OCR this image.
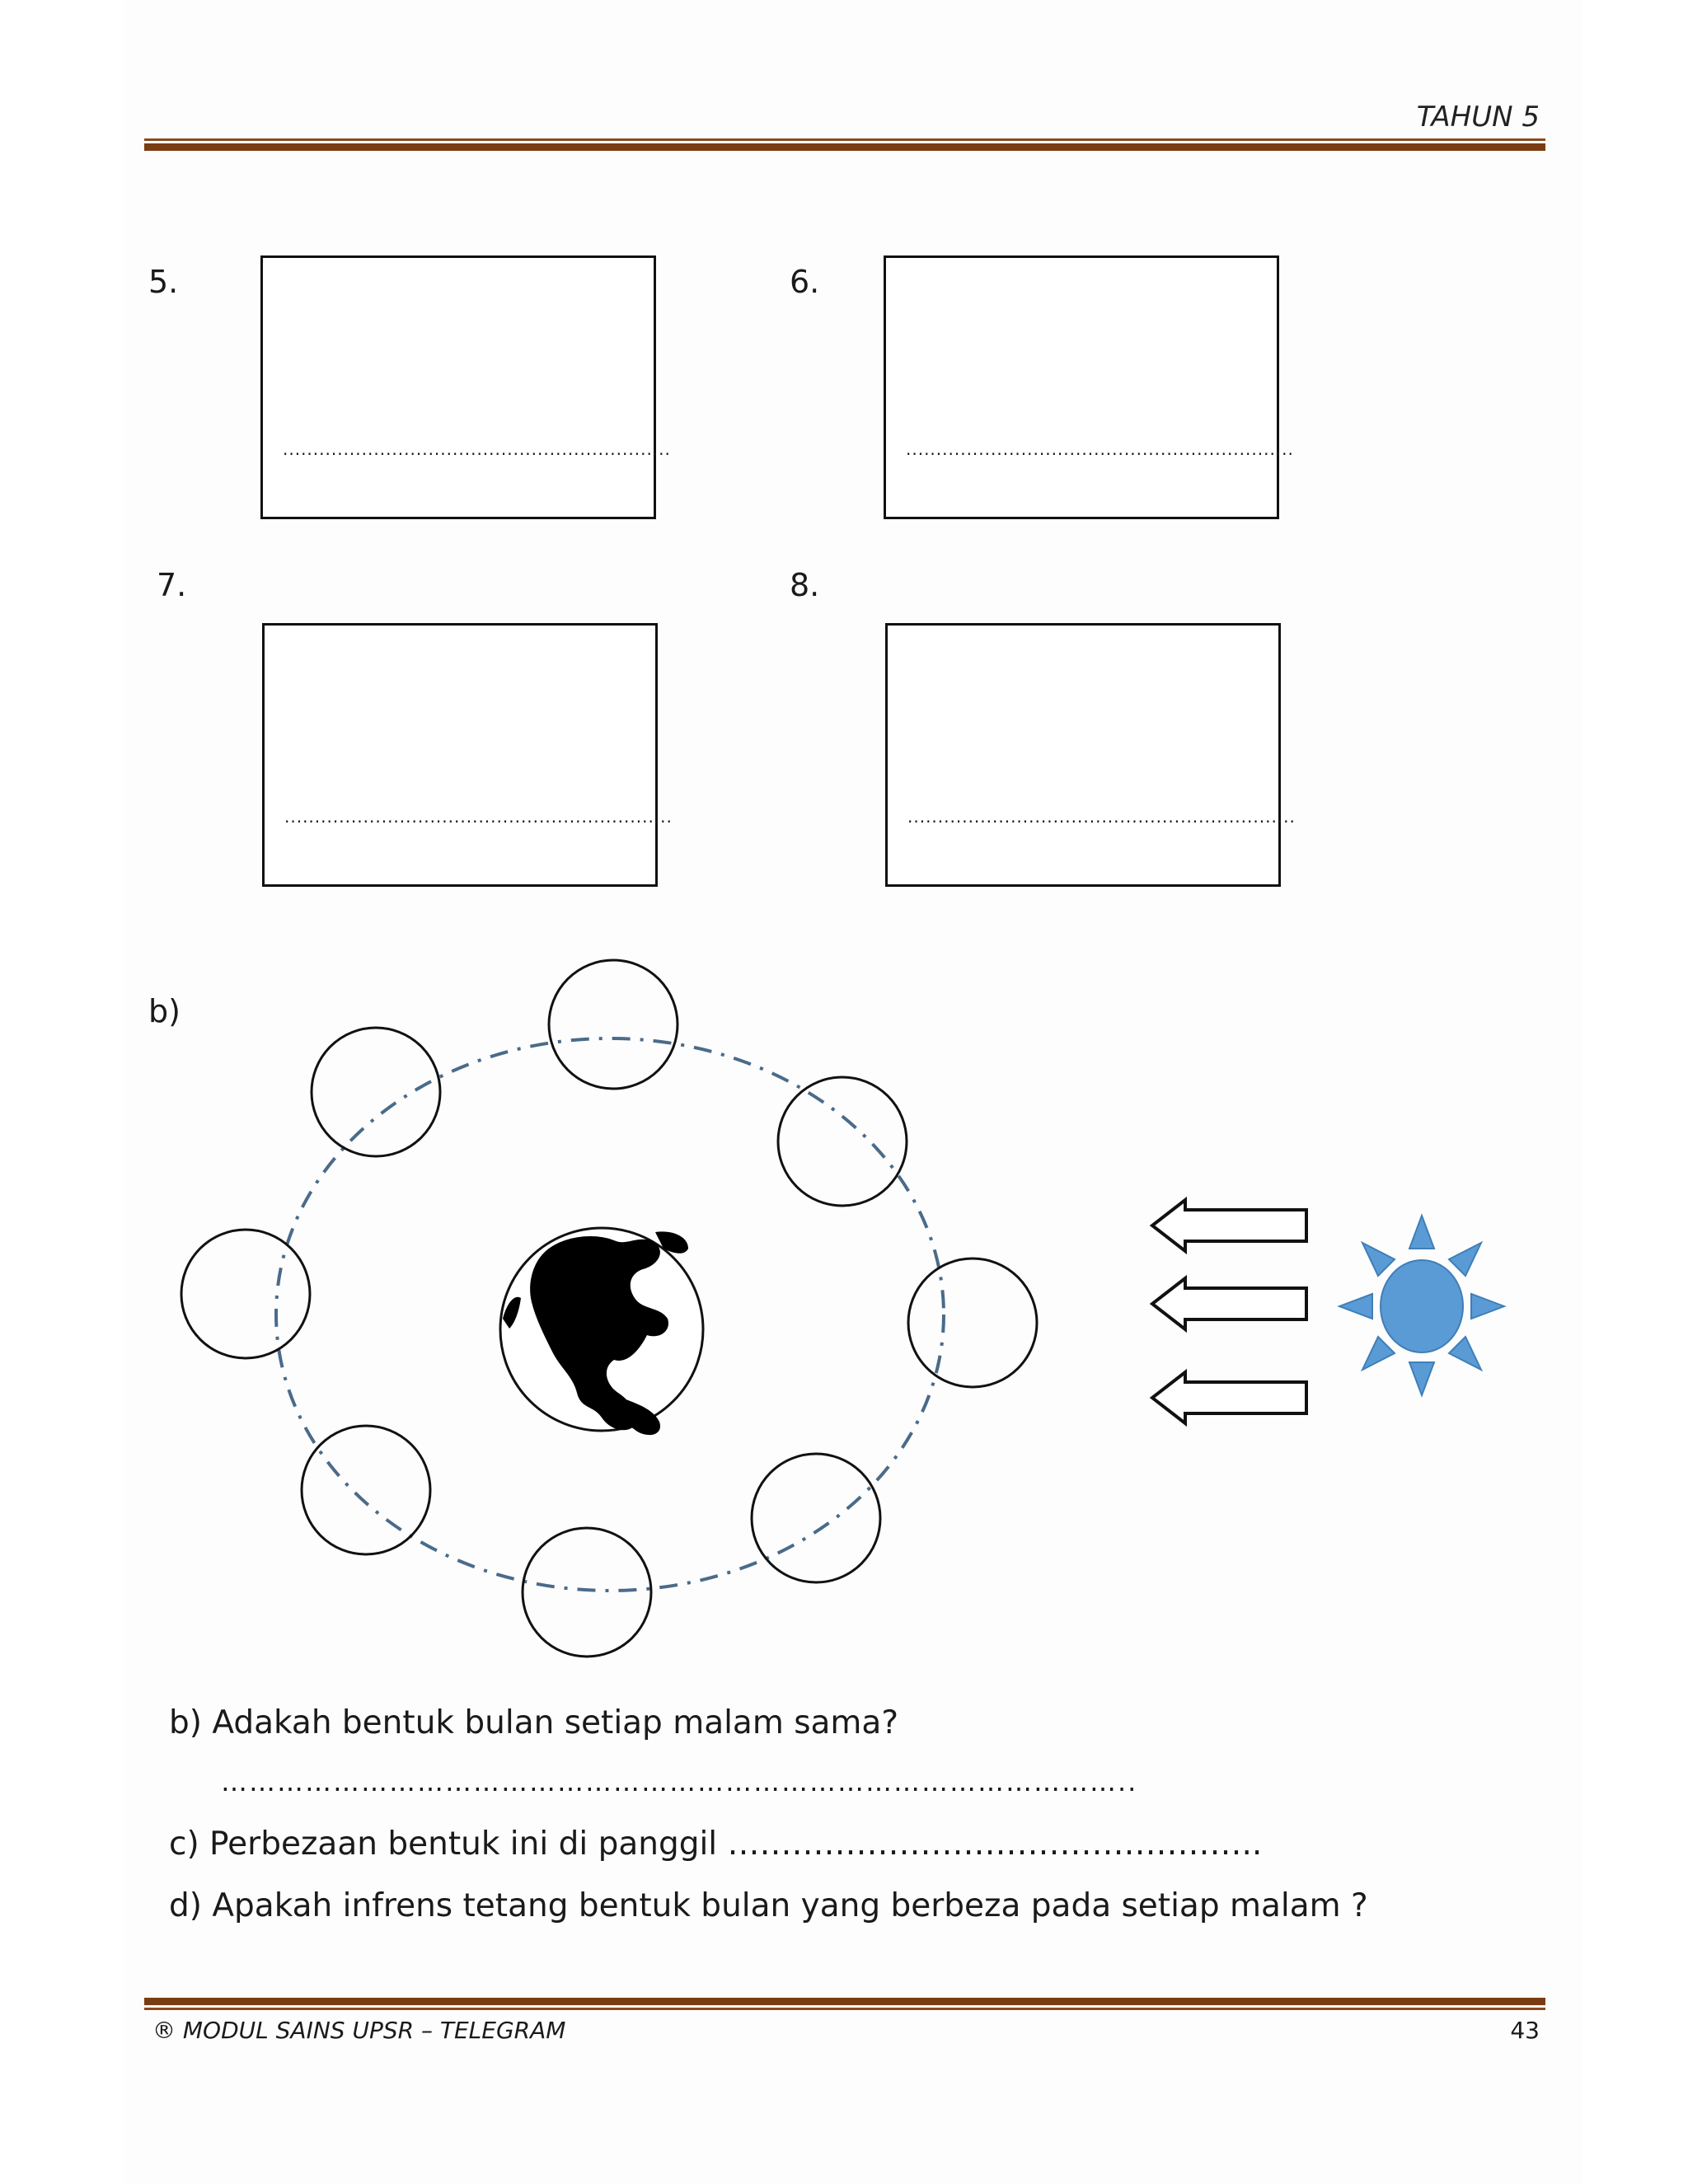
TAHUN 5
5.
................................................................
6.
................................................................
7.
................................................................
8.
................................................................
b)
b) Adakah bentuk bulan setiap malam sama?
……………………………………………………………………………………..
c) Perbezaan bentuk ini di panggil …………………………………………..
d) Apakah infrens tetang bentuk bulan yang berbeza pada setiap malam ?
® MODUL SAINS UPSR – TELEGRAM	43
